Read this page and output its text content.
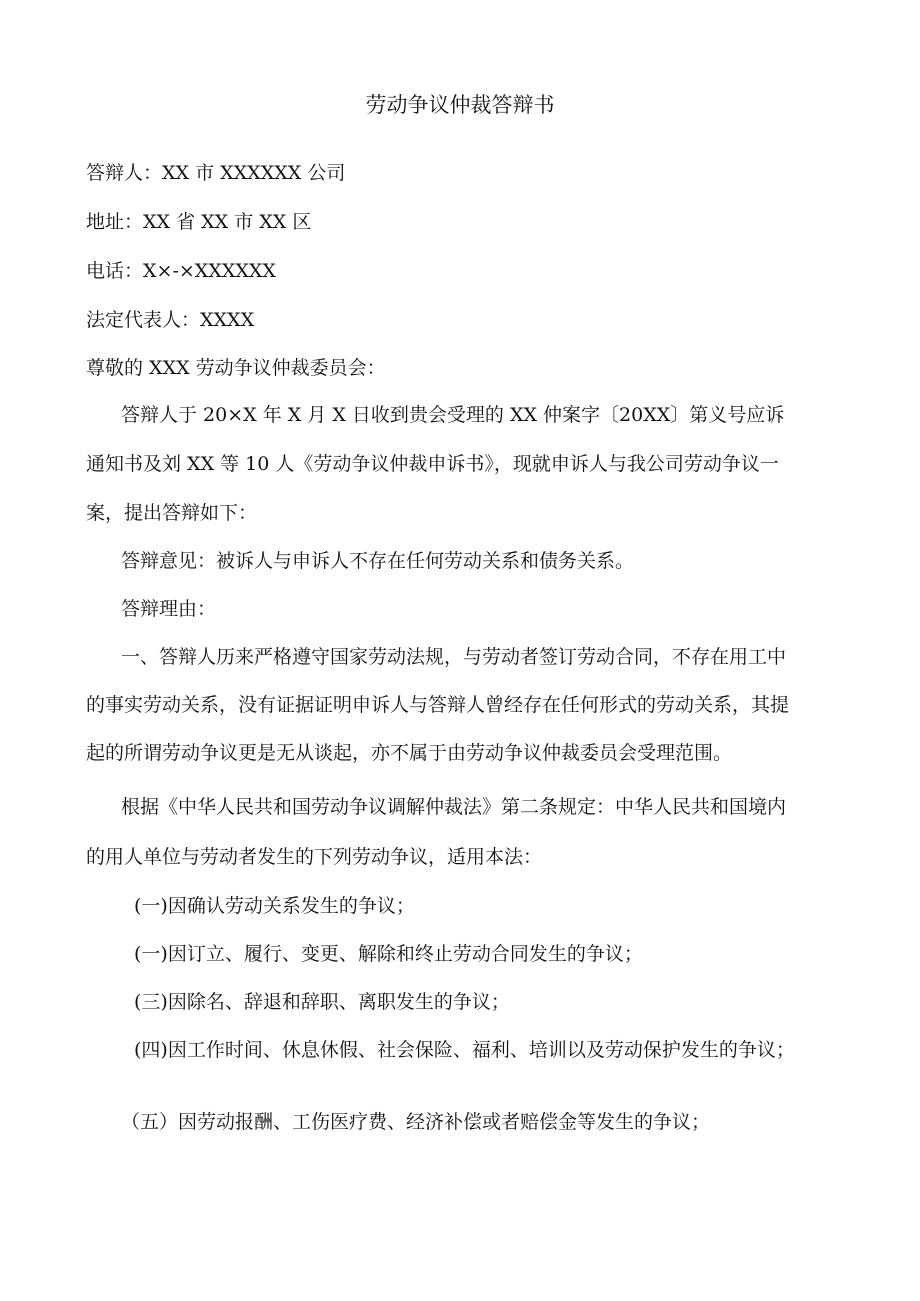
劳动争议仲裁答辩书

答辩人：XX 市 XXXXXX 公司

地址：XX 省 XX 市 XX 区

电话：X×-×XXXXXX

法定代表人：XXXX

尊敬的 XXX 劳动争议仲裁委员会：

答辩人于 20×X 年 X 月 X 日收到贵会受理的 XX 仲案字〔20XX〕第义号应诉

通知书及刘 XX 等 10 人《劳动争议仲裁申诉书》，现就申诉人与我公司劳动争议一

案，提出答辩如下：

答辩意见：被诉人与申诉人不存在任何劳动关系和债务关系。

答辩理由：

一、答辩人历来严格遵守国家劳动法规，与劳动者签订劳动合同，不存在用工中

的事实劳动关系，没有证据证明申诉人与答辩人曾经存在任何形式的劳动关系，其提

起的所谓劳动争议更是无从谈起，亦不属于由劳动争议仲裁委员会受理范围。

根据《中华人民共和国劳动争议调解仲裁法》第二条规定：中华人民共和国境内

的用人单位与劳动者发生的下列劳动争议，适用本法：

(一)因确认劳动关系发生的争议；

(一)因订立、履行、变更、解除和终止劳动合同发生的争议；

(三)因除名、辞退和辞职、离职发生的争议；

(四)因工作时间、休息休假、社会保险、福利、培训以及劳动保护发生的争议；

（五）因劳动报酬、工伤医疗费、经济补偿或者赔偿金等发生的争议；
